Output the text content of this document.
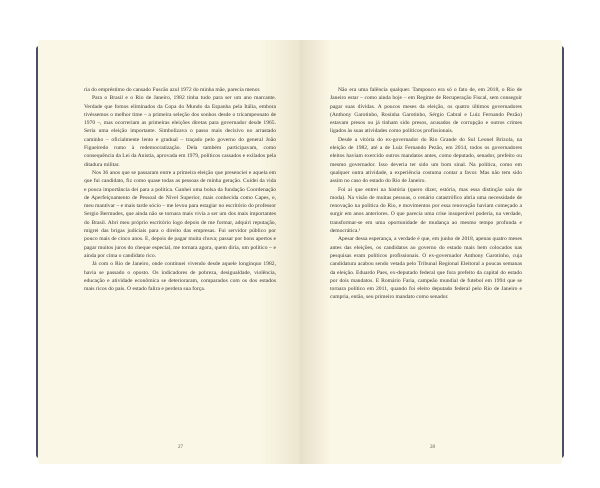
ria do empréstimo do cansado Fuscão azul 1972 do minha mãe, parecia menor.

Para o Brasil e o Rio de Janeiro, 1982 tinha tudo para ser um ano marcante. Verdade que fomos eliminados da Copa do Mundo da Espanha pela Itália, embora tivéssemos o melhor time – a primeira seleção dos sonhos desde o tricampeonato de 1970 –, mas ocorreriam as primeiras eleições diretas para governador desde 1965. Seria uma eleição importante. Simbolizava o passo mais decisivo no arrastado caminho – oficialmente lento e gradual – traçado pelo governo do general João Figueiredo rumo à redemocratização. Dela também participavam, como consequência da Lei da Anistia, aprovada em 1979, políticos cassados e exilados pela ditadura militar.

Nos 36 anos que se passaram entre a primeira eleição que presenciei e aquela em que fui candidato, fiz como quase todas as pessoas de minha geração. Cuidei da vida e pouca importância dei para a política. Ganhei uma bolsa da fundação Coordenação de Aperfeiçoamento de Pessoal de Nível Superior, mais conhecida como Capes, e, meu mantivar – e mais tarde sócio – me levou para estagiar no escritório do professor Sergio Bermudes, que ainda não se tornara mais vivia a ser um dos mais importantes do Brasil. Abri meu próprio escritório logo depois de me formar, adquiri reputação, migrei das brigas judiciais para o direito das empresas. Fui servidor público por pouco mais de cinco anos. E, depois de pagar muita chuva; passar por bons apertos e pagar muitos juros do cheque especial, me tornara agora, quem diria, um político – e ainda por cima o candidato rico.

Já com o Rio de Janeiro, onde continuei vivendo desde aquele longínquo 1982, havia se passado o oposto. Os indicadores de pobreza, desigualdade, violência, educação e atividade econômica se deterioraram, comparados com os dos estados mais ricos do país. O estado falira e perdera sua força.

27

Não era uma falência qualquer. Tampouco era só o fato de, em 2018, o Rio de Janeiro estar – como ainda hoje – em Regime de Recuperação Fiscal, sem conseguir pagar suas dívidas. A poucos meses da eleição, os quatro últimos governadores (Anthony Garotinho, Rosinha Garotinho, Sérgio Cabral e Luiz Fernando Pezão) estavam presos ou já tinham sido presos, acusados de corrupção e outros crimes ligados às suas atividades como políticos profissionais.

Desde a vitória do ex-governador do Rio Grande do Sul Leonel Brizola, na eleição de 1982, até a de Luiz Fernando Pezão, em 2014, todos os governadores eleitos haviam exercido outros mandatos antes, como deputado, senador, prefeito ou mesmo governador. Isso deveria ter sido um bom sinal. Na política, como em qualquer outra atividade, a experiência costuma contar a favor. Mas não tem sido assim no caso do estado do Rio de Janeiro.

Foi aí que entrei na história (quero dizer, estória, mas essa distinção saiu de moda). Na visão de muitas pessoas, o cenário catastrófico abria uma necessidade de renovação na política do Rio, e movimentos por essa renovação haviam começado a surgir em anos anteriores. O que parecia uma crise insuperável poderia, na verdade, transformar-se em uma oportunidade de mudança ao mesmo tempo profunda e democrática.¹

Apesar dessa esperança, a verdade é que, em junho de 2018, apenas quatro meses antes das eleições, os candidatos ao governo do estado mais bem colocados nas pesquisas eram políticos profissionais. O ex-governador Anthony Garotinho, cuja candidatura acabou sendo vetada pelo Tribunal Regional Eleitoral a poucas semanas da eleição. Eduardo Paes, ex-deputado federal que fora prefeito da capital do estado por dois mandatos. E Romário Faria, campeão mundial de futebol em 1994 que se tornara político em 2011, quando foi eleito deputado federal pelo Rio de Janeiro e cumpria, então, seu primeiro mandato como senador.

28
